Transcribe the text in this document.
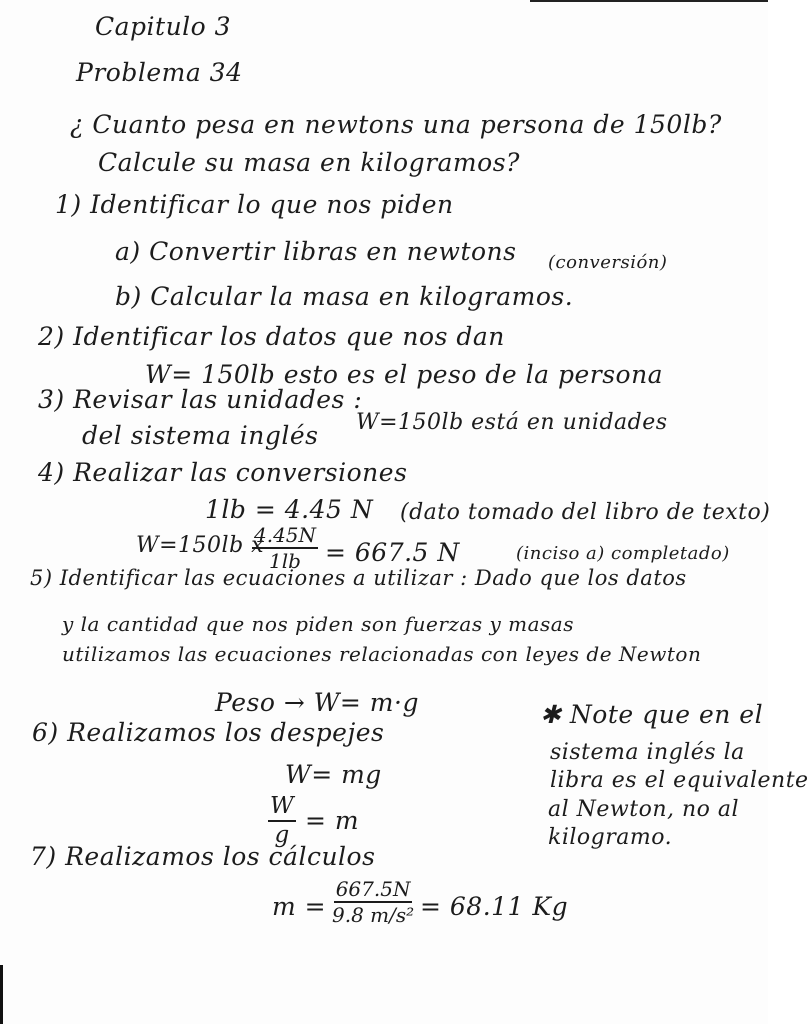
Capitulo 3
Problema 34
¿ Cuanto pesa en newtons una persona de 150lb?
Calcule su masa en kilogramos?
1) Identificar lo que nos piden
a) Convertir libras en newtons (conversión)
b) Calcular la masa en kilogramos.
2) Identificar los datos que nos dan
W= 150lb esto es el peso de la persona
3) Revisar las unidades :
W=150lb está en unidades
del sistema inglés
4) Realizar las conversiones
1lb = 4.45 N (dato tomado del libro de texto)
W=150lb x
$\frac{4.45N}{1lb} = 667.5$ N	(inciso a) completado)
5) Identificar las ecuaciones a utilizar : Dado que los datos
y la cantidad que nos piden son fuerzas y masas
utilizamos las ecuaciones relacionadas con leyes de Newton
Peso → W= m·g
6) Realizamos los despejes
W= mg
$\frac{W}{g} = m$
✱ Note que en el
sistema inglés la
libra es el equivalente
al Newton, no al
kilogramo.
7) Realizamos los cálculos
$m = \frac{667.5N}{\text{9.8 m/s²}} = 68.11$ Kg
